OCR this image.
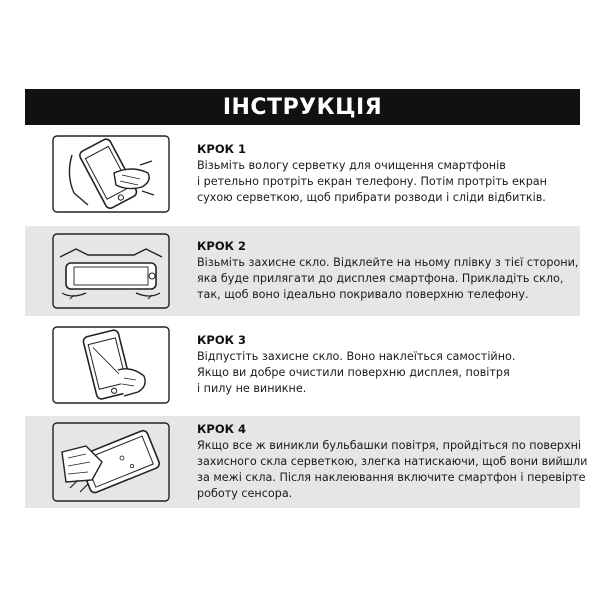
ІНСТРУКЦІЯ
КРОК 1
Візьміть вологу серветку для очищення смартфонів
і ретельно протріть екран телефону. Потім протріть екран
сухою серветкою, щоб прибрати розводи і сліди відбитків.
КРОК 2
Візьміть захисне скло. Відклейте на ньому плівку з тієї сторони,
яка буде прилягати до дисплея смартфона. Прикладіть скло,
так, щоб воно ідеально покривало поверхню телефону.
КРОК 3
Відпустіть захисне скло. Воно наклеїться самостійно.
Якщо ви добре очистили поверхню дисплея, повітря
і пилу не виникне.
КРОК 4
Якщо все ж виникли бульбашки повітря, пройдіться по поверхні
захисного скла серветкою, злегка натискаючи, щоб вони вийшли
за межі скла. Після наклеювання включите смартфон і перевірте
роботу сенсора.
